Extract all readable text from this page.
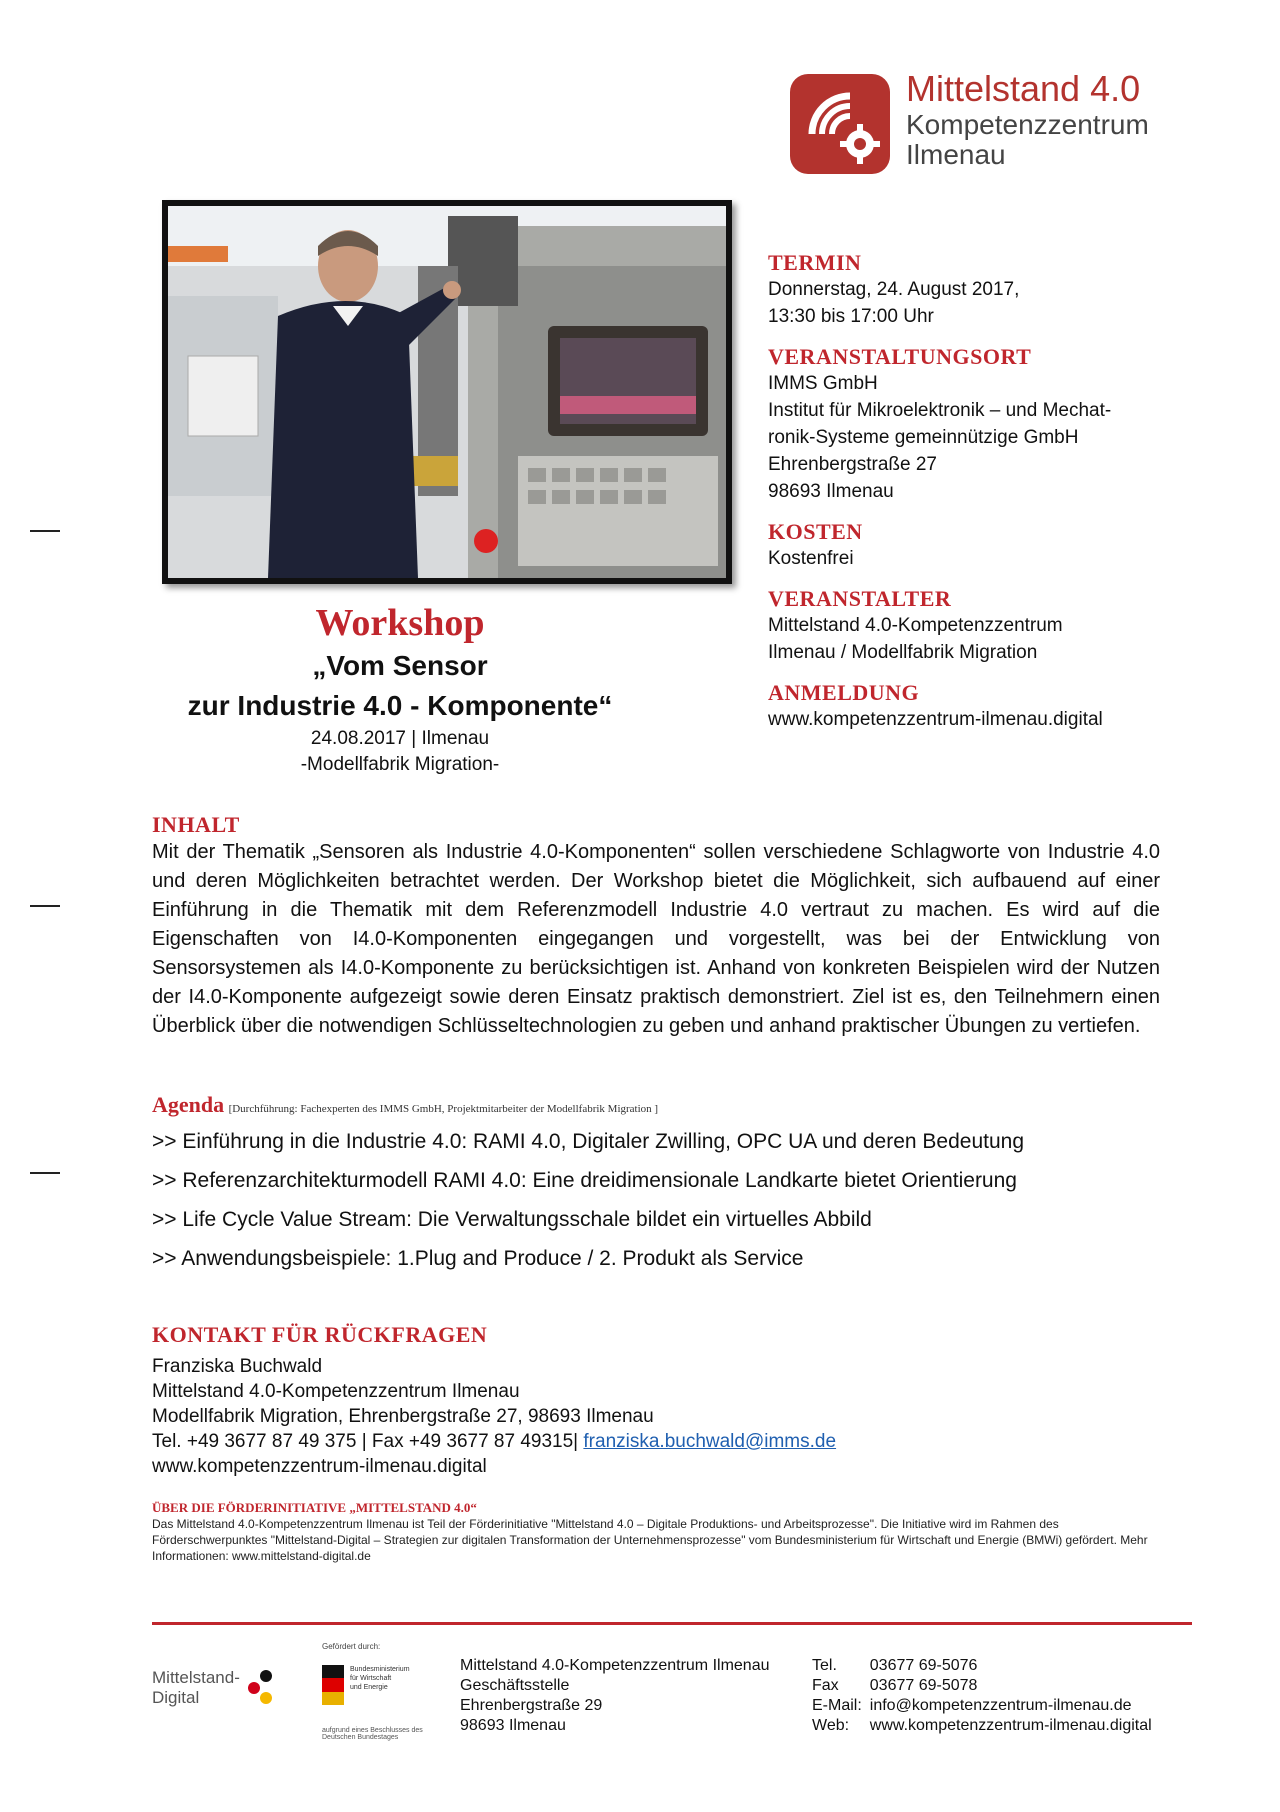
Mittelstand 4.0
Kompetenzzentrum
Ilmenau
TERMIN
Donnerstag, 24. August 2017,
13:30 bis 17:00 Uhr
VERANSTALTUNGSORT
IMMS GmbH
Institut für Mikroelektronik – und Mechat-
ronik-Systeme gemeinnützige GmbH
Ehrenbergstraße 27
98693 Ilmenau
KOSTEN
Kostenfrei
VERANSTALTER
Mittelstand 4.0-Kompetenzzentrum
Ilmenau / Modellfabrik Migration
ANMELDUNG
www.kompetenzzentrum-ilmenau.digital
Workshop
„Vom Sensor
zur Industrie 4.0 - Komponente“
24.08.2017 | Ilmenau
-Modellfabrik Migration-
INHALT

Mit der Thematik „Sensoren als Industrie 4.0-Komponenten“ sollen verschiedene Schlagworte von Industrie 4.0 und deren Möglichkeiten betrachtet werden. Der Workshop bietet die Möglichkeit, sich aufbauend auf einer Einführung in die Thematik mit dem Referenzmodell Industrie 4.0 vertraut zu machen. Es wird auf die Eigenschaften von I4.0-Komponenten eingegangen und vorgestellt, was bei der Entwicklung von Sensorsystemen als I4.0-Komponente zu berücksichtigen ist. Anhand von konkreten Beispielen wird der Nutzen der I4.0-Komponente aufgezeigt sowie deren Einsatz praktisch demonstriert. Ziel ist es, den Teilnehmern einen Überblick über die notwendigen Schlüsseltechnologien zu geben und anhand praktischer Übungen zu vertiefen.

Agenda [Durchführung: Fachexperten des IMMS GmbH, Projektmitarbeiter der Modellfabrik Migration ]
>> Einführung in die Industrie 4.0: RAMI 4.0, Digitaler Zwilling, OPC UA und deren Bedeutung
>> Referenzarchitekturmodell RAMI 4.0: Eine dreidimensionale Landkarte bietet Orientierung
>> Life Cycle Value Stream: Die Verwaltungsschale bildet ein virtuelles Abbild
>> Anwendungsbeispiele: 1.Plug and Produce / 2. Produkt als Service
KONTAKT FÜR RÜCKFRAGEN
Franziska Buchwald
Mittelstand 4.0-Kompetenzzentrum Ilmenau
Modellfabrik Migration, Ehrenbergstraße 27, 98693 Ilmenau
Tel. +49 3677 87 49 375 | Fax +49 3677 87 49315| franziska.buchwald@imms.de
www.kompetenzzentrum-ilmenau.digital
ÜBER DIE FÖRDERINITIATIVE „MITTELSTAND 4.0“
Das Mittelstand 4.0-Kompetenzzentrum Ilmenau ist Teil der Förderinitiative "Mittelstand 4.0 – Digitale Produktions- und Arbeitsprozesse". Die Initiative wird im Rahmen des Förderschwerpunktes "Mittelstand-Digital – Strategien zur digitalen Transformation der Unternehmensprozesse" vom Bundesministerium für Wirtschaft und Energie (BMWi) gefördert. Mehr Informationen: www.mittelstand-digital.de
Mittelstand-
Digital
Gefördert durch:
Bundesministerium
für Wirtschaft
und Energie
aufgrund eines Beschlusses des Deutschen Bundestages
Mittelstand 4.0-Kompetenzzentrum Ilmenau
Geschäftsstelle
Ehrenbergstraße 29
98693 Ilmenau
Tel.	03677 69-5076
Fax	03677 69-5078
E-Mail:	info@kompetenzzentrum-ilmenau.de
Web:	www.kompetenzzentrum-ilmenau.digital
